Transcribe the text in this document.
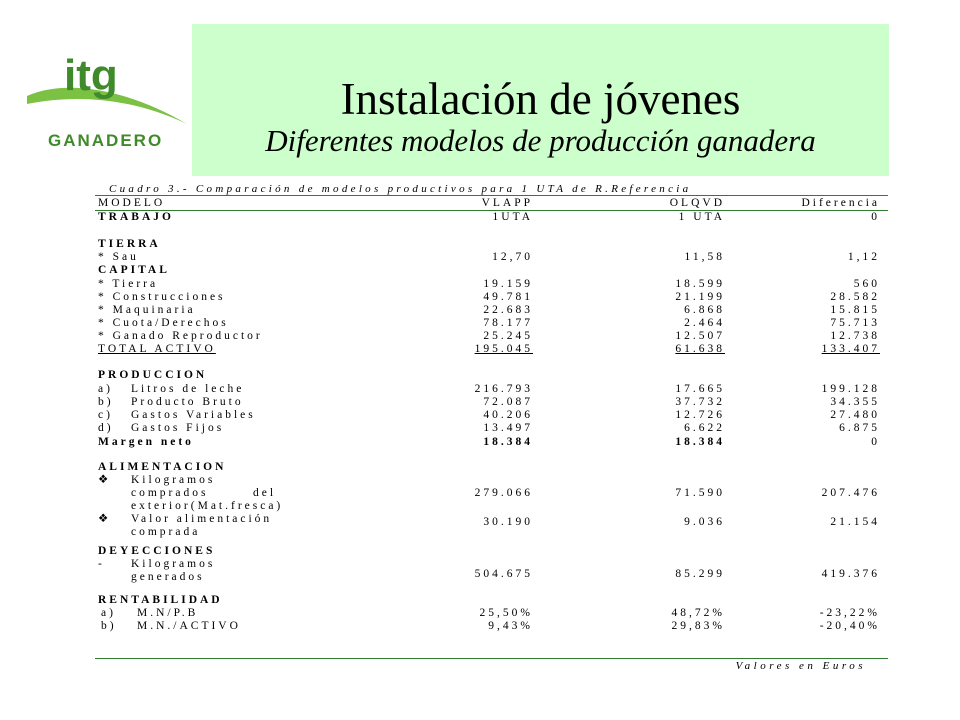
itg
GANADERO
Instalación de jóvenes
Diferentes modelos de producción ganadera
Cuadro 3.- Comparación de modelos productivos para 1 UTA de R.Referencia
MODELO	VLAPP	OLQVD	Diferencia
TRABAJO	1UTA	1 UTA	0
TIERRA
* Sau	12,70	11,58	1,12
CAPITAL
* Tierra	19.159	18.599	560
* Construcciones	49.781	21.199	28.582
* Maquinaria	22.683	6.868	15.815
* Cuota/Derechos	78.177	2.464	75.713
* Ganado Reproductor	25.245	12.507	12.738
TOTAL ACTIVO	195.045	61.638	133.407
PRODUCCION
a) Litros de leche	216.793	17.665	199.128
b) Producto Bruto	72.087	37.732	34.355
c) Gastos Variables	40.206	12.726	27.480
d) Gastos Fijos	13.497	6.622	6.875
Margen neto	18.384	18.384	0
ALIMENTACION
❖ Kilogramos
comprados	del	279.066	71.590	207.476
exterior(Mat.fresca)
❖ Valor alimentación	30.190	9.036	21.154
comprada
DEYECCIONES
- Kilogramos
generados	504.675	85.299	419.376
RENTABILIDAD
a) M.N/P.B	25,50%	48,72%	-23,22%
b) M.N./ACTIVO	9,43%	29,83%	-20,40%
Valores en Euros
